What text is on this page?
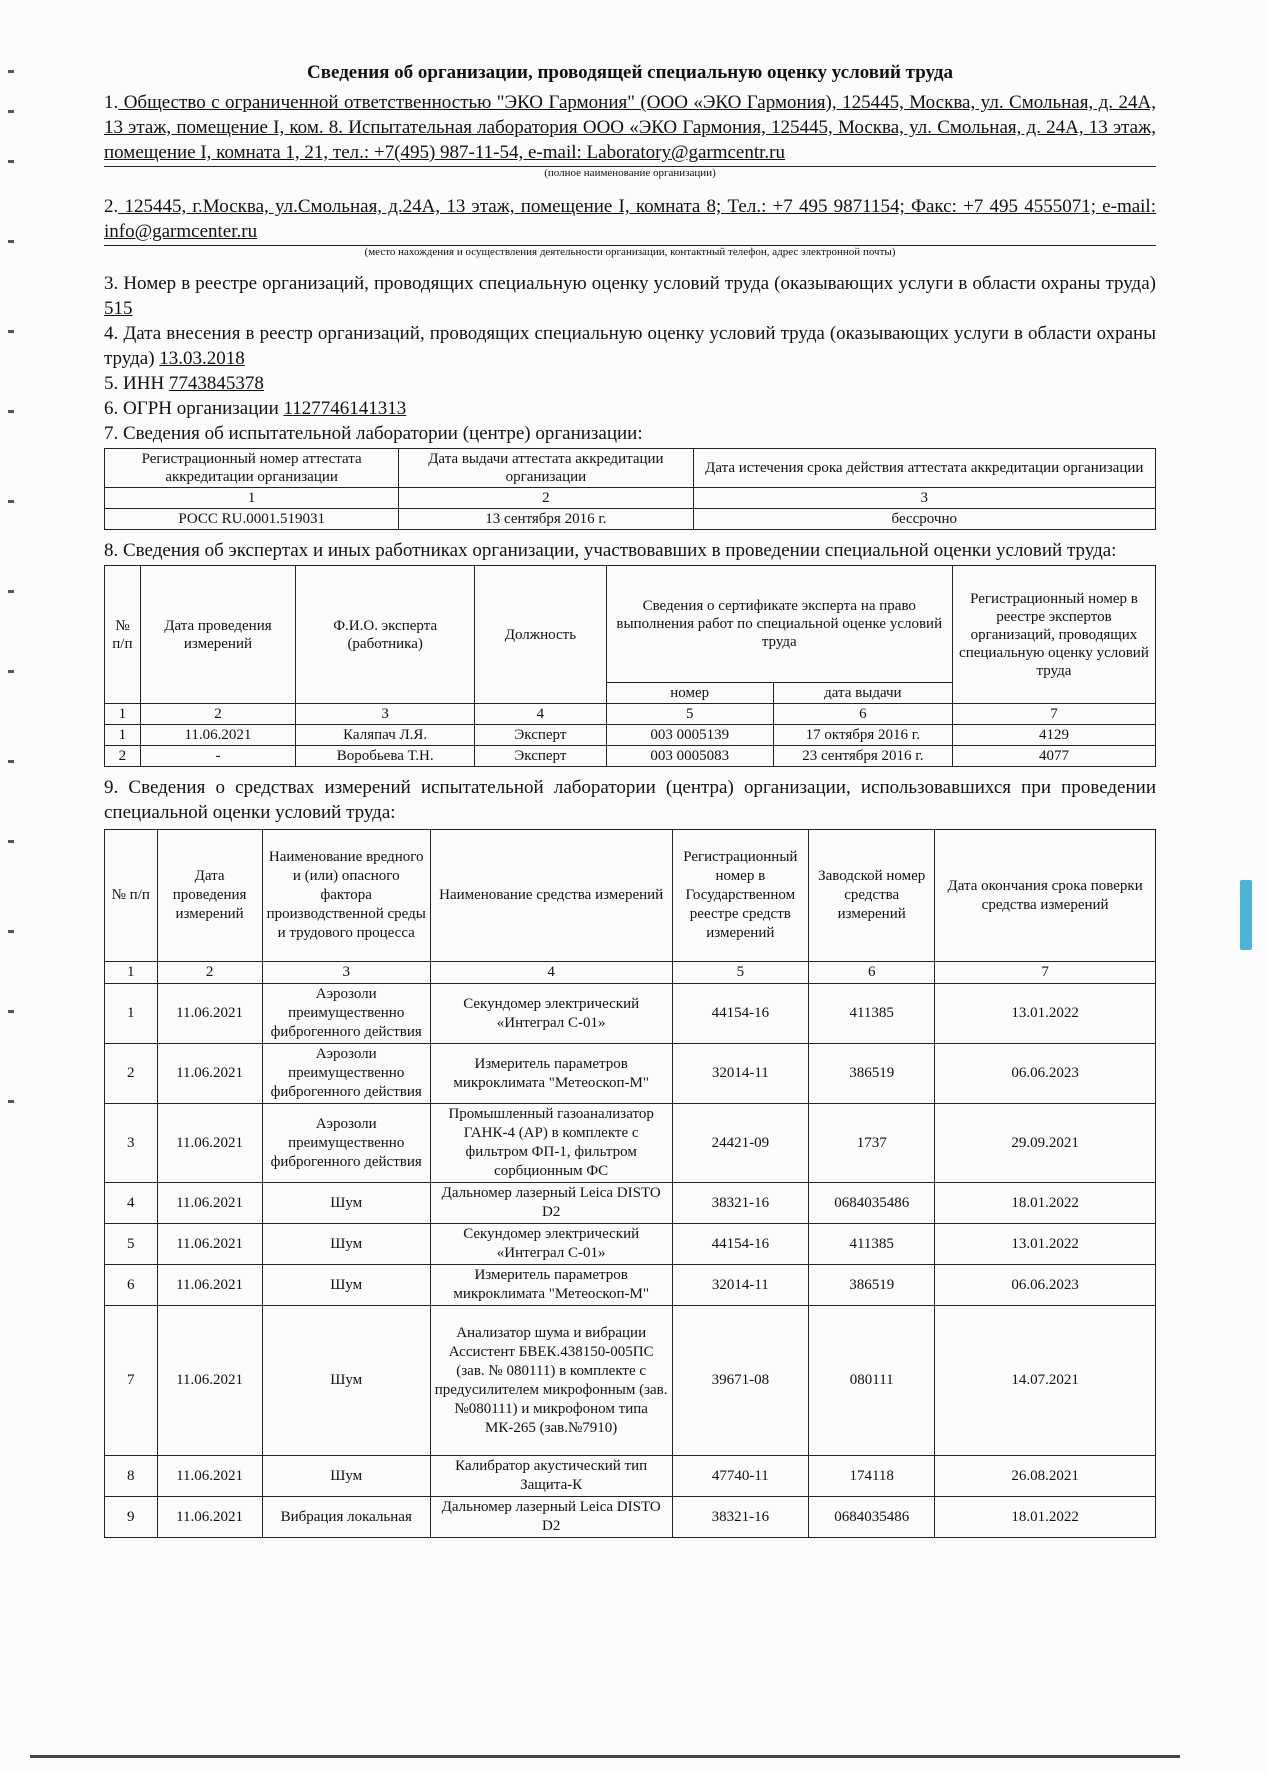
Сведения об организации, проводящей специальную оценку условий труда
1. Общество с ограниченной ответственностью "ЭКО Гармония" (ООО «ЭКО Гармония), 125445, Москва, ул. Смольная, д. 24А, 13 этаж, помещение I, ком. 8. Испытательная лаборатория ООО «ЭКО Гармония, 125445, Москва, ул. Смольная, д. 24А, 13 этаж, помещение I, комната 1, 21, тел.: +7(495) 987-11-54, e-mail: Laboratory@garmcentr.ru
(полное наименование организации)
2. 125445, г.Москва, ул.Смольная, д.24А, 13 этаж, помещение I, комната 8; Тел.: +7 495 9871154; Факс: +7 495 4555071; e-mail: info@garmcenter.ru
(место нахождения и осуществления деятельности организации, контактный телефон, адрес электронной почты)
3. Номер в реестре организаций, проводящих специальную оценку условий труда (оказывающих услуги в области охраны труда) 515
4. Дата внесения в реестр организаций, проводящих специальную оценку условий труда (оказывающих услуги в области охраны труда) 13.03.2018
5. ИНН 7743845378
6. ОГРН организации 1127746141313
7. Сведения об испытательной лаборатории (центре) организации:
Регистрационный номер аттестата аккредитации организации	Дата выдачи аттестата аккредитации организации	Дата истечения срока действия аттестата аккредитации организации
1	2	3
РОСС RU.0001.519031	13 сентября 2016 г.	бессрочно
8. Сведения об экспертах и иных работниках организации, участвовавших в проведении специальной оценки условий труда:
№ п/п	Дата проведения измерений	Ф.И.О. эксперта (работника)	Должность	Сведения о сертификате эксперта на право выполнения работ по специальной оценке условий труда		Регистрационный номер в реестре экспертов организаций, проводящих специальную оценку условий труда
				номер	дата выдачи	
1	2	3	4	5	6	7
1	11.06.2021	Каляпач Л.Я.	Эксперт	003 0005139	17 октября 2016 г.	4129
2	-	Воробьева Т.Н.	Эксперт	003 0005083	23 сентября 2016 г.	4077
9. Сведения о средствах измерений испытательной лаборатории (центра) организации, использовавшихся при проведении специальной оценки условий труда:
№ п/п	Дата проведения измерений	Наименование вредного и (или) опасного фактора производственной среды и трудового процесса	Наименование средства измерений	Регистрационный номер в Государственном реестре средств измерений	Заводской номер средства измерений	Дата окончания срока поверки средства измерений
1	2	3	4	5	6	7
1	11.06.2021	Аэрозоли преимущественно фиброгенного действия	Секундомер электрический «Интеграл С-01»	44154-16	411385	13.01.2022
2	11.06.2021	Аэрозоли преимущественно фиброгенного действия	Измеритель параметров микроклимата "Метеоскоп-М"	32014-11	386519	06.06.2023
3	11.06.2021	Аэрозоли преимущественно фиброгенного действия	Промышленный газоанализатор ГАНК-4 (АР) в комплекте с фильтром ФП-1, фильтром сорбционным ФС	24421-09	1737	29.09.2021
4	11.06.2021	Шум	Дальномер лазерный Leica DISTO D2	38321-16	0684035486	18.01.2022
5	11.06.2021	Шум	Секундомер электрический «Интеграл С-01»	44154-16	411385	13.01.2022
6	11.06.2021	Шум	Измеритель параметров микроклимата "Метеоскоп-М"	32014-11	386519	06.06.2023
7	11.06.2021	Шум	Анализатор шума и вибрации Ассистент БВЕК.438150-005ПС (зав. № 080111) в комплекте с предусилителем микрофонным (зав. №080111) и микрофоном типа МК-265 (зав.№7910)	39671-08	080111	14.07.2021
8	11.06.2021	Шум	Калибратор акустический тип Защита-К	47740-11	174118	26.08.2021
9	11.06.2021	Вибрация локальная	Дальномер лазерный Leica DISTO D2	38321-16	0684035486	18.01.2022
